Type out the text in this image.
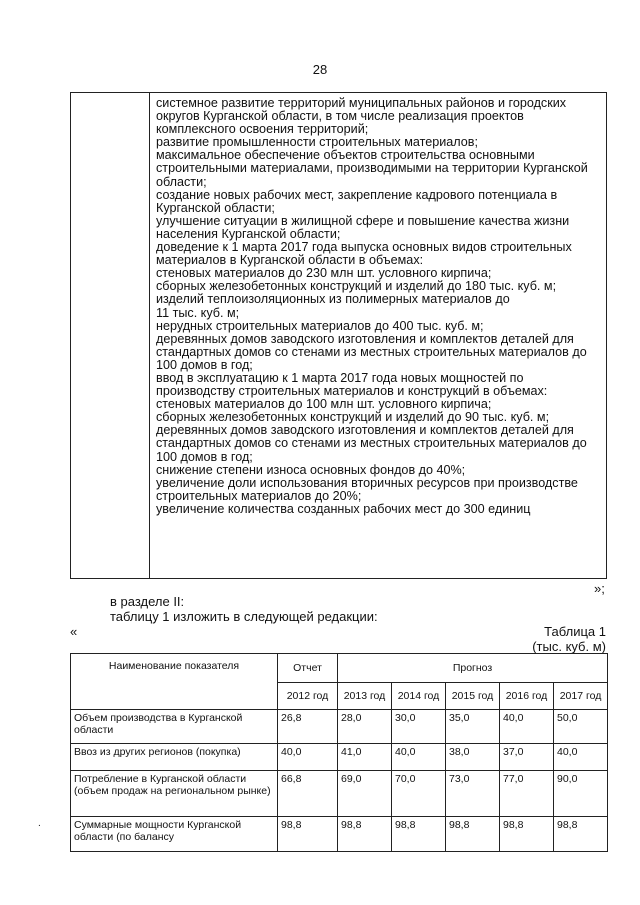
28
системное развитие территорий муниципальных районов и городских
округов Курганской области, в том числе реализация проектов
комплексного освоения территорий;
развитие промышленности строительных материалов;
максимальное обеспечение объектов строительства основными
строительными материалами, производимыми на территории Курганской
области;
создание новых рабочих мест, закрепление кадрового потенциала в
Курганской области;
улучшение ситуации в жилищной сфере и повышение качества жизни
населения Курганской области;
доведение к 1 марта 2017 года выпуска основных видов строительных
материалов в Курганской области в объемах:
стеновых материалов до 230 млн шт. условного кирпича;
сборных железобетонных конструкций и изделий до 180 тыс. куб. м;
изделий теплоизоляционных из полимерных материалов до
11 тыс. куб. м;
нерудных строительных материалов до 400 тыс. куб. м;
деревянных домов заводского изготовления и комплектов деталей для
стандартных домов со стенами из местных строительных материалов до
100 домов в год;
ввод в эксплуатацию к 1 марта 2017 года новых мощностей по
производству строительных материалов и конструкций в объемах:
стеновых материалов до 100 млн шт. условного кирпича;
сборных железобетонных конструкций и изделий до 90 тыс. куб. м;
деревянных домов заводского изготовления и комплектов деталей для
стандартных домов со стенами из местных строительных материалов до
100 домов в год;
снижение степени износа основных фондов до 40%;
увеличение доли использования вторичных ресурсов при производстве
строительных материалов до 20%;
увеличение количества созданных рабочих мест до 300 единиц
»;
в разделе II:
таблицу 1 изложить в следующей редакции:
«	Таблица 1
(тыс. куб. м)
Наименование показателя	Отчет	Прогноз				
	2012 год	2013 год	2014 год	2015 год	2016 год	2017 год
Объем производства в Курганской области	26,8	28,0	30,0	35,0	40,0	50,0
Ввоз из других регионов (покупка)	40,0	41,0	40,0	38,0	37,0	40,0
Потребление в Курганской области (объем продаж на региональном рынке)	66,8	69,0	70,0	73,0	77,0	90,0
Суммарные мощности Курганской области (по балансу	98,8	98,8	98,8	98,8	98,8	98,8
.
